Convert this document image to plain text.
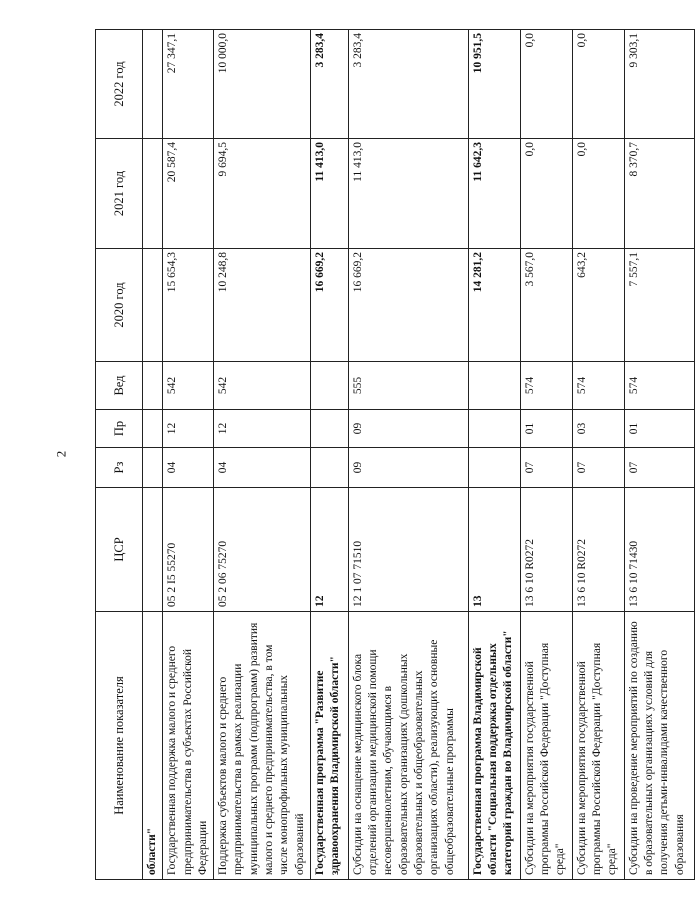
2
Наименование показателя	ЦСР	Рз	Пр	Вед	2020 год	2021 год	2022 год
области"							
Государственная поддержка малого и среднего предпринимательства в субъектах Российской Федерации	05 2 I5 55270	04	12	542	15 654,3	20 587,4	27 347,1
Поддержка субъектов малого и среднего предпринимательства в рамках реализации муниципальных программ (подпрограмм) развития малого и среднего предпринимательства, в том числе монопрофильных муниципальных образований	05 2 06 75270	04	12	542	10 248,8	9 694,5	10 000,0
Государственная программа "Развитие здравоохранения Владимирской области"	12				16 669,2	11 413,0	3 283,4
Субсидии на оснащение медицинского блока отделений организации медицинской помощи несовершеннолетним, обучающимся в образовательных организациях (дошкольных образовательных и общеобразовательных организациях области), реализующих основные общеобразовательные программы	12 1 07 71510	09	09	555	16 669,2	11 413,0	3 283,4
Государственная программа Владимирской области "Социальная поддержка отдельных категорий граждан во Владимирской области"	13				14 281,2	11 642,3	10 951,5
Субсидии на мероприятия государственной программы Российской Федерации "Доступная среда"	13 6 10 R0272	07	01	574	3 567,0	0,0	0,0
Субсидии на мероприятия государственной программы Российской Федерации "Доступная среда"	13 6 10 R0272	07	03	574	643,2	0,0	0,0
Субсидии на проведение мероприятий по созданию в образовательных организациях условий для получения детьми-инвалидами качественного образования	13 6 10 71430	07	01	574	7 557,1	8 370,7	9 303,1
